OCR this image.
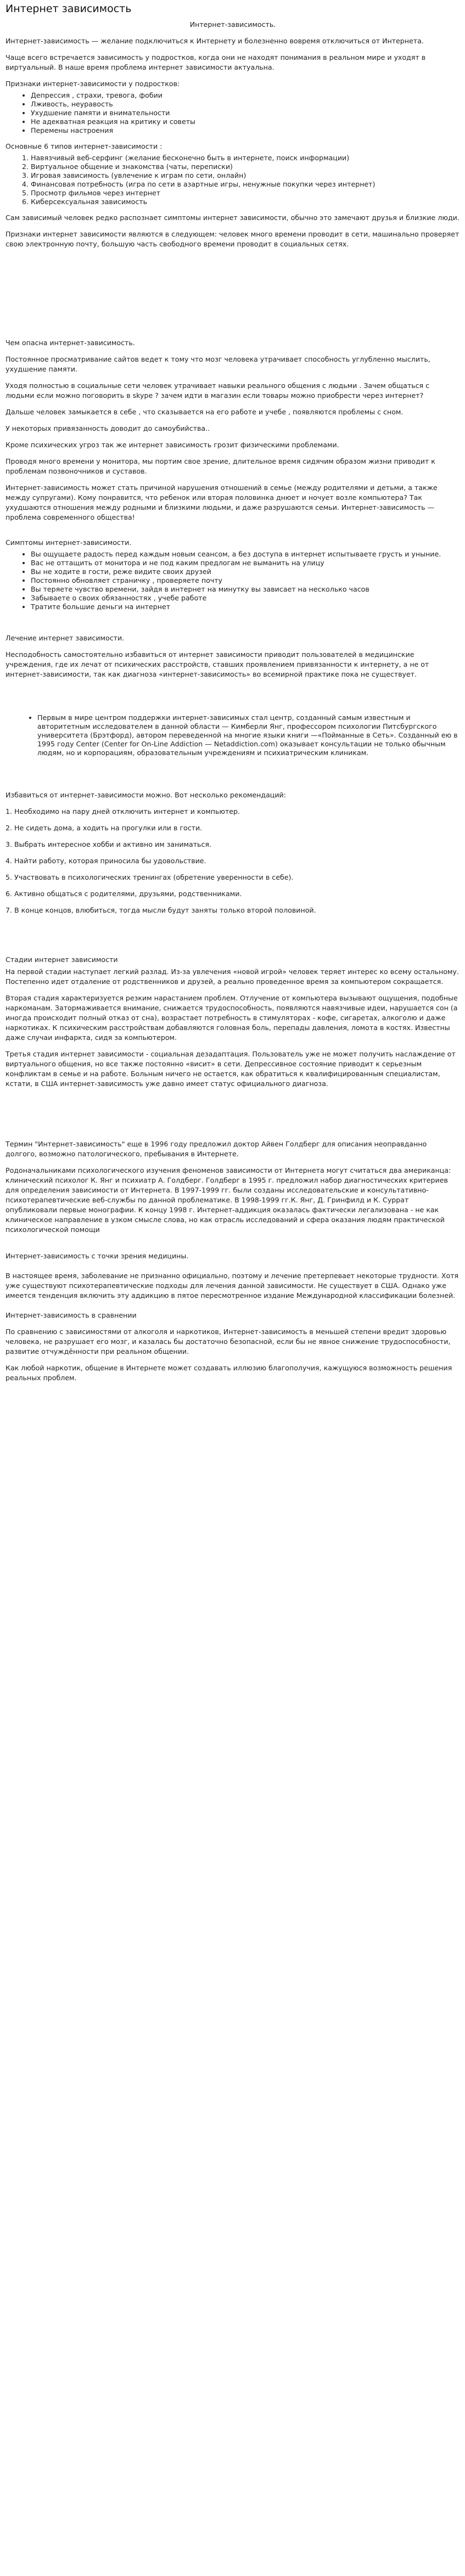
Интернет зависимость

Интернет-зависимость.

Интернет-зависимость — желание подключиться к Интернету и болезненно вовремя отключиться от Интернета.

Чаще всего встречается зависимость у подростков, когда они не находят понимания в реальном мире и уходят в виртуальный. В наше время проблема интернет зависимости актуальна.

Признаки интернет-зависимости у подростков:

• Депрессия , страхи, тревога, фобии
• Лживость, неуравость
• Ухудшение памяти и внимательности
• Не адекватная реакция на критику и советы
• Перемены настроения

Основные 6 типов интернет-зависимости :

1. Навязчивый веб-серфинг (желание бесконечно быть в интернете, поиск информации)
2. Виртуальное общение и знакомства (чаты, переписки)
3. Игровая зависимость (увлечение к играм по сети, онлайн)
4. Финансовая потребность (игра по сети в азартные игры, ненужные покупки через интернет)
5. Просмотр фильмов через интернет
6. Киберсексуальная зависимость

Сам зависимый человек редко распознает симптомы интернет зависимости, обычно это замечают друзья и близкие люди.

Признаки интернет зависимости являются в следующем: человек много времени проводит в сети, машинально проверяет свою электронную почту, большую часть свободного времени проводит в социальных сетях.

Чем опасна интернет-зависимость.

Постоянное просматривание сайтов ведет к тому что мозг человека утрачивает способность углубленно мыслить, ухудшение памяти.

Уходя полностью в социальные сети человек утрачивает навыки реального общения с людьми . Зачем общаться с людьми если можно поговорить в skype ? зачем идти в магазин если товары можно приобрести через интернет?

Дальше человек замыкается в себе , что сказывается на его работе и учебе , появляются проблемы с сном.

У некоторых привязанность доводит до самоубийства..

Кроме психических угроз так же интернет зависимость грозит физическими проблемами.

Проводя много времени у монитора, мы портим свое зрение, длительное время сидячим образом жизни приводит к проблемам позвоночников и суставов.

Интернет-зависимость может стать причиной нарушения отношений в семье (между родителями и детьми, а также между супругами). Кому понравится, что ребенок или вторая половинка днюет и ночует возле компьютера? Так ухудшаются отношения между родными и близкими людьми, и даже разрушаются семьи. Интернет-зависимость — проблема современного общества!

Симптомы интернет-зависимости.

• Вы ощущаете радость перед каждым новым сеансом, а без доступа в интернет испытываете грусть и уныние.
• Вас не оттащить от монитора и не под каким предлогам не выманить на улицу
• Вы не ходите в гости, реже видите своих друзей
• Постоянно обновляет страничку , проверяете почту
• Вы теряете чувство времени, зайдя в интернет на минутку вы зависает на несколько часов
• Забываете о своих обязанностях , учебе работе
• Тратите большие деньги на интернет

Лечение интернет зависимости.

Несподобность самостоятельно избавиться от интернет зависимости приводит пользователей в медицинские учреждения, где их лечат от психических расстройств, ставших проявлением привязанности к интернету, а не от интернет-зависимости, так как диагноза «интернет-зависимость» во всемирной практике пока не существует.

• Первым в мире центром поддержки интернет-зависимых стал центр, созданный самым известным и авторитетным исследователем в данной области — Кимберли Янг, профессором психологии Питсбургского университета (Брэтфорд), автором переведенной на многие языки книги —«Пойманные в Сеть». Созданный ею в 1995 году Center (Center for On-Line Addiction — Netaddiction.com) оказывает консультации не только обычным людям, но и корпорациям, образовательным учреждениям и психиатрическим клиникам.

Избавиться от интернет-зависимости можно. Вот несколько рекомендаций:

1. Необходимо на пару дней отключить интернет и компьютер.

2. Не сидеть дома, а ходить на прогулки или в гости.

3. Выбрать интересное хобби и активно им заниматься.

4. Найти работу, которая приносила бы удовольствие.

5. Участвовать в психологических тренингах (обретение уверенности в себе).

6. Активно общаться с родителями, друзьями, родственниками.

7. В конце концов, влюбиться, тогда мысли будут заняты только второй половиной.

Стадии интернет зависимости

На первой стадии наступает легкий разлад. Из-за увлечения «новой игрой» человек теряет интерес ко всему остальному. Постепенно идет отдаление от родственников и друзей, а реально проведенное время за компьютером сокращается.

Вторая стадия характеризуется резким нарастанием проблем. Отлучение от компьютера вызывают ощущения, подобные наркоманам. Затормаживается внимание, снижается трудоспособность, появляются навязчивые идеи, нарушается сон (а иногда происходит полный отказ от сна), возрастает потребность в стимуляторах - кофе, сигаретах, алкоголю и даже наркотиках. К психическим расстройствам добавляются головная боль, перепады давления, ломота в костях. Известны даже случаи инфаркта, сидя за компьютером.

Третья стадия интернет зависимости - социальная дезадаптация. Пользователь уже не может получить наслаждение от виртуального общения, но все также постоянно «висит» в сети. Депрессивное состояние приводит к серьезным конфликтам в семье и на работе. Больным ничего не остается, как обратиться к квалифицированным специалистам, кстати, в США интернет-зависимость уже давно имеет статус официального диагноза.

Термин "Интернет-зависимость" еще в 1996 году предложил доктор Айвен Голдберг для описания неоправданно долгого, возможно патологического, пребывания в Интернете.

Родоначальниками психологического изучения феноменов зависимости от Интернета могут считаться два американца: клинический психолог К. Янг и психиатр А. Голдберг. Голдберг в 1995 г. предложил набор диагностических критериев для определения зависимости от Интернета. В 1997-1999 гг. были созданы исследовательские и консультативно-психотерапевтические веб-службы по данной проблематике. В 1998-1999 гг.К. Янг, Д. Гринфилд и К. Суррат опубликовали первые монографии. К концу 1998 г. Интернет-аддикция оказалась фактически легализована - не как клиническое направление в узком смысле слова, но как отрасль исследований и сфера оказания людям практической психологической помощи

Интернет-зависимость с точки зрения медицины.

В настоящее время, заболевание не признанно официально, поэтому и лечение претерпевает некоторые трудности. Хотя уже существуют психотерапевтические подходы для лечения данной зависимости. Не существует в США. Однако уже имеется тенденция включить эту аддикцию в пятое пересмотренное издание Международной классификации болезней.

Интернет-зависимость в сравнении

По сравнению с зависимостями от алкоголя и наркотиков, Интернет-зависимость в меньшей степени вредит здоровью человека, не разрушает его мозг, и казалась бы достаточно безопасной, если бы не явное снижение трудоспособности, развитие отчуждённости при реальном общении.

Как любой наркотик, общение в Интернете может создавать иллюзию благополучия, кажущуюся возможность решения реальных проблем.
